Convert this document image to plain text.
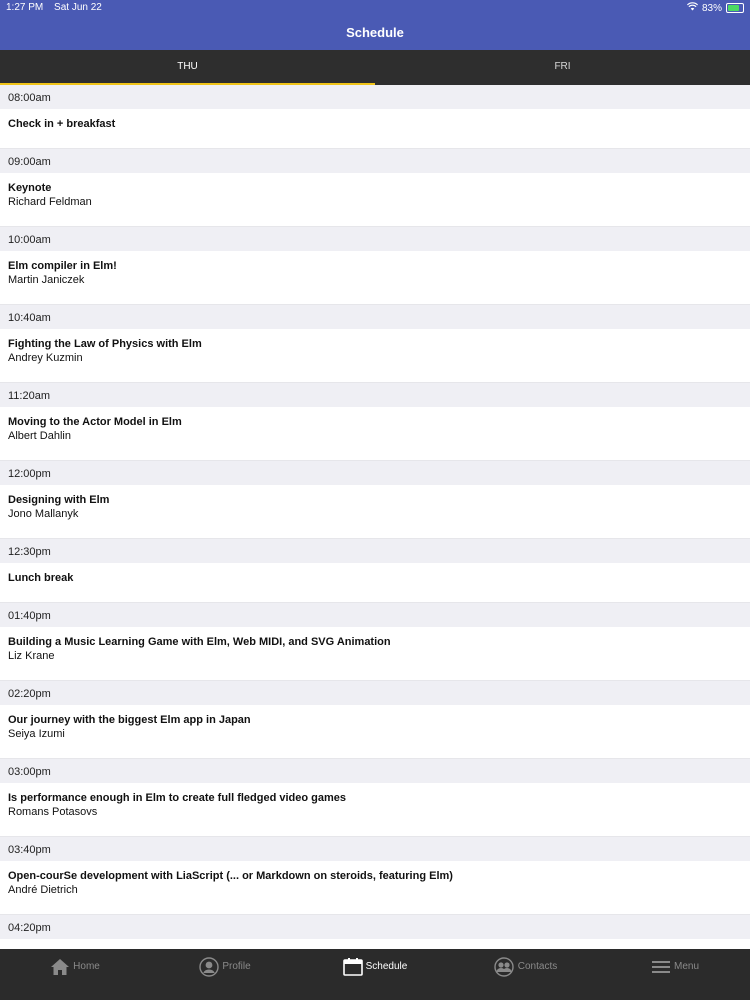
1:27 PM Sat Jun 22	83%
Schedule
THU	FRI
08:00am
Check in + breakfast
09:00am
Keynote
Richard Feldman
10:00am
Elm compiler in Elm!
Martin Janiczek
10:40am
Fighting the Law of Physics with Elm
Andrey Kuzmin
11:20am
Moving to the Actor Model in Elm
Albert Dahlin
12:00pm
Designing with Elm
Jono Mallanyk
12:30pm
Lunch break
01:40pm
Building a Music Learning Game with Elm, Web MIDI, and SVG Animation
Liz Krane
02:20pm
Our journey with the biggest Elm app in Japan
Seiya Izumi
03:00pm
Is performance enough in Elm to create full fledged video games
Romans Potasovs
03:40pm
Open-courSe development with LiaScript (... or Markdown on steroids, featuring Elm)
André Dietrich
04:20pm
Home	Profile	Schedule	Contacts	Menu
